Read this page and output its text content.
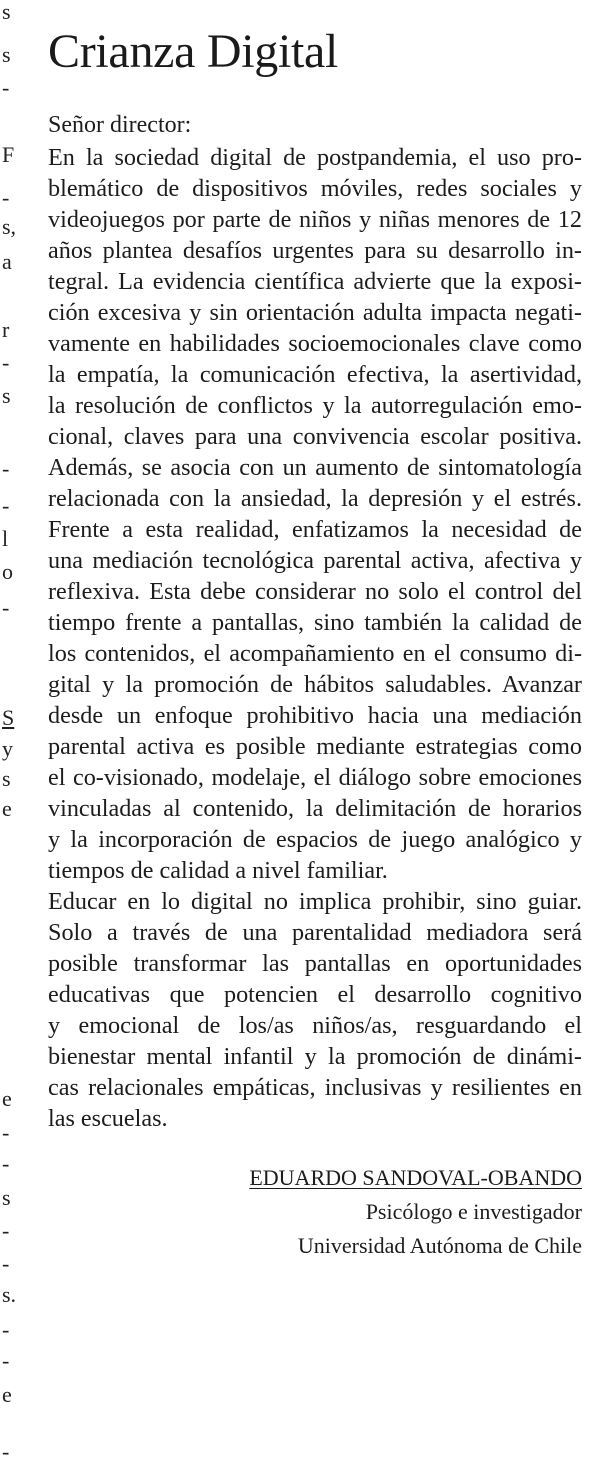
s
s
-
F
-
s,
a
r
-
s
-
-
l
o
-
S
y
s
e
e
-
-
s
-
-
s.
-
-
e
-
Crianza Digital
Señor director:
En la sociedad digital de postpandemia, el uso pro-
blemático de dispositivos móviles, redes sociales y
videojuegos por parte de niños y niñas menores de 12
años plantea desafíos urgentes para su desarrollo in-
tegral. La evidencia científica advierte que la exposi-
ción excesiva y sin orientación adulta impacta negati-
vamente en habilidades socioemocionales clave como
la empatía, la comunicación efectiva, la asertividad,
la resolución de conflictos y la autorregulación emo-
cional, claves para una convivencia escolar positiva.
Además, se asocia con un aumento de sintomatología
relacionada con la ansiedad, la depresión y el estrés.
Frente a esta realidad, enfatizamos la necesidad de
una mediación tecnológica parental activa, afectiva y
reflexiva. Esta debe considerar no solo el control del
tiempo frente a pantallas, sino también la calidad de
los contenidos, el acompañamiento en el consumo di-
gital y la promoción de hábitos saludables. Avanzar
desde un enfoque prohibitivo hacia una mediación
parental activa es posible mediante estrategias como
el co-visionado, modelaje, el diálogo sobre emociones
vinculadas al contenido, la delimitación de horarios
y la incorporación de espacios de juego analógico y
tiempos de calidad a nivel familiar.
Educar en lo digital no implica prohibir, sino guiar.
Solo a través de una parentalidad mediadora será
posible transformar las pantallas en oportunidades
educativas que potencien el desarrollo cognitivo
y emocional de los/as niños/as, resguardando el
bienestar mental infantil y la promoción de dinámi-
cas relacionales empáticas, inclusivas y resilientes en
las escuelas.
EDUARDO SANDOVAL-OBANDO
Psicólogo e investigador
Universidad Autónoma de Chile
